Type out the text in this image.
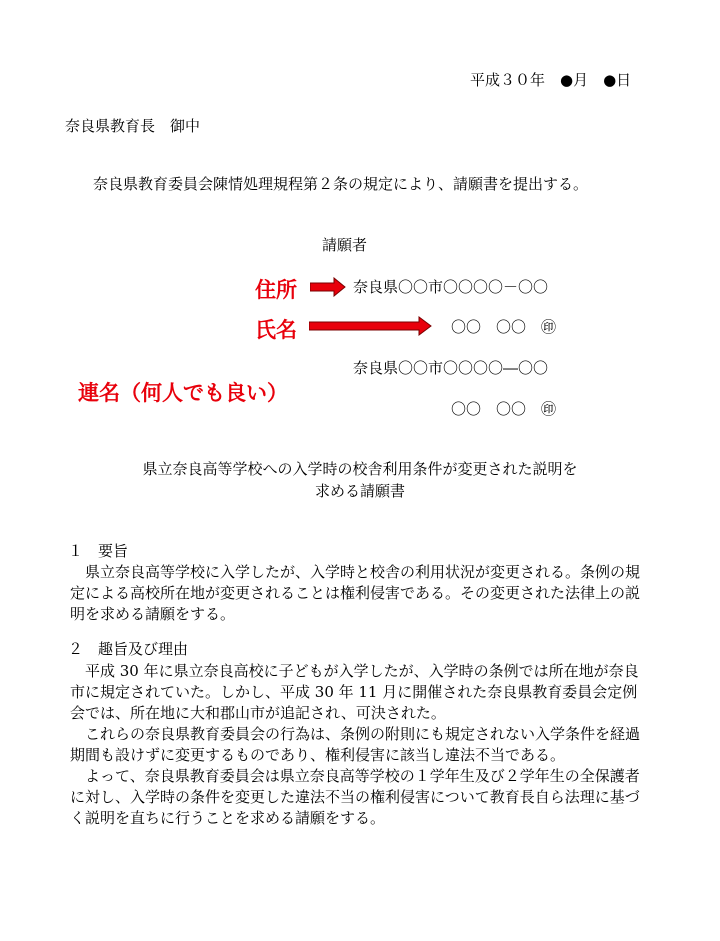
平成３０年　●月　●日
奈良県教育長　御中
奈良県教育委員会陳情処理規程第２条の規定により、請願書を提出する。
請願者
住所	奈良県〇〇市〇〇〇〇－〇〇
氏名	〇〇　〇〇　㊞
奈良県〇〇市〇〇〇〇―〇〇
連名（何人でも良い）
〇〇　〇〇　㊞
県立奈良高等学校への入学時の校舎利用条件が変更された説明を
求める請願書
１　要旨

県立奈良高等学校に入学したが、入学時と校舎の利用状況が変更される。条例の規定による高校所在地が変更されることは権利侵害である。その変更された法律上の説明を求める請願をする。

２　趣旨及び理由

平成 30 年に県立奈良高校に子どもが入学したが、入学時の条例では所在地が奈良市に規定されていた。しかし、平成 30 年 11 月に開催された奈良県教育委員会定例会では、所在地に大和郡山市が追記され、可決された。

これらの奈良県教育委員会の行為は、条例の附則にも規定されない入学条件を経過期間も設けずに変更するものであり、権利侵害に該当し違法不当である。

よって、奈良県教育委員会は県立奈良高等学校の１学年生及び２学年生の全保護者に対し、入学時の条件を変更した違法不当の権利侵害について教育長自ら法理に基づく説明を直ちに行うことを求める請願をする。
